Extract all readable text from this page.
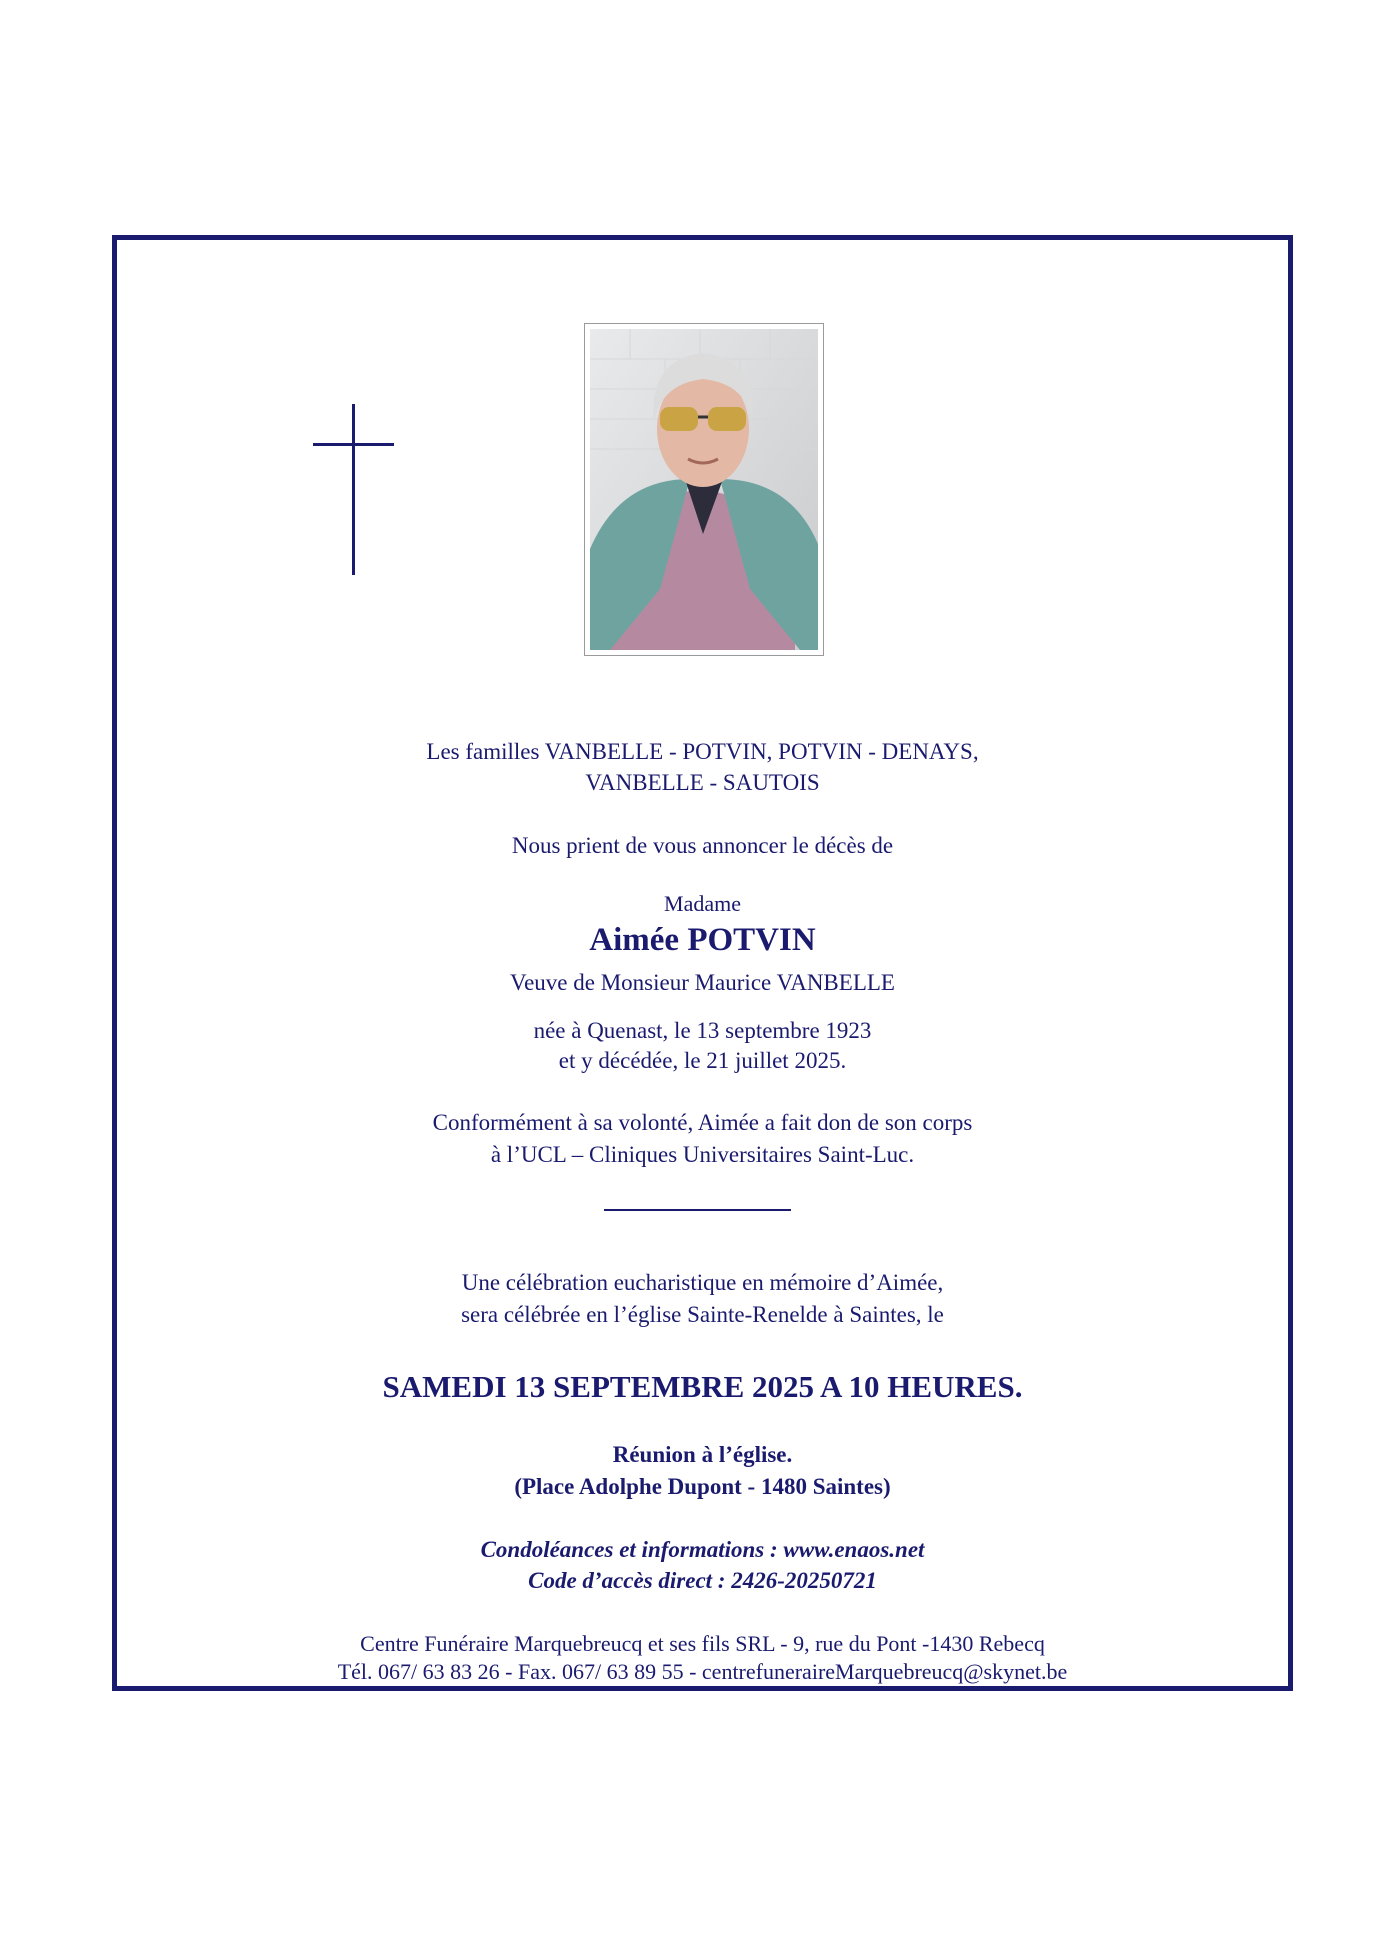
Les familles VANBELLE - POTVIN, POTVIN - DENAYS,
VANBELLE - SAUTOIS
Nous prient de vous annoncer le décès de
Madame
Aimée POTVIN
Veuve de Monsieur Maurice VANBELLE
née à Quenast, le 13 septembre 1923
et y décédée, le 21 juillet 2025.
Conformément à sa volonté, Aimée a fait don de son corps
à l’UCL – Cliniques Universitaires Saint-Luc.
Une célébration eucharistique en mémoire d’Aimée,
sera célébrée en l’église Sainte-Renelde à Saintes, le
SAMEDI 13 SEPTEMBRE 2025 A 10 HEURES.
Réunion à l’église.
(Place Adolphe Dupont - 1480 Saintes)
Condoléances et informations : www.enaos.net
Code d’accès direct : 2426-20250721
Centre Funéraire Marquebreucq et ses fils SRL - 9, rue du Pont -1430 Rebecq
Tél. 067/ 63 83 26 - Fax. 067/ 63 89 55 - centrefuneraireMarquebreucq@skynet.be
